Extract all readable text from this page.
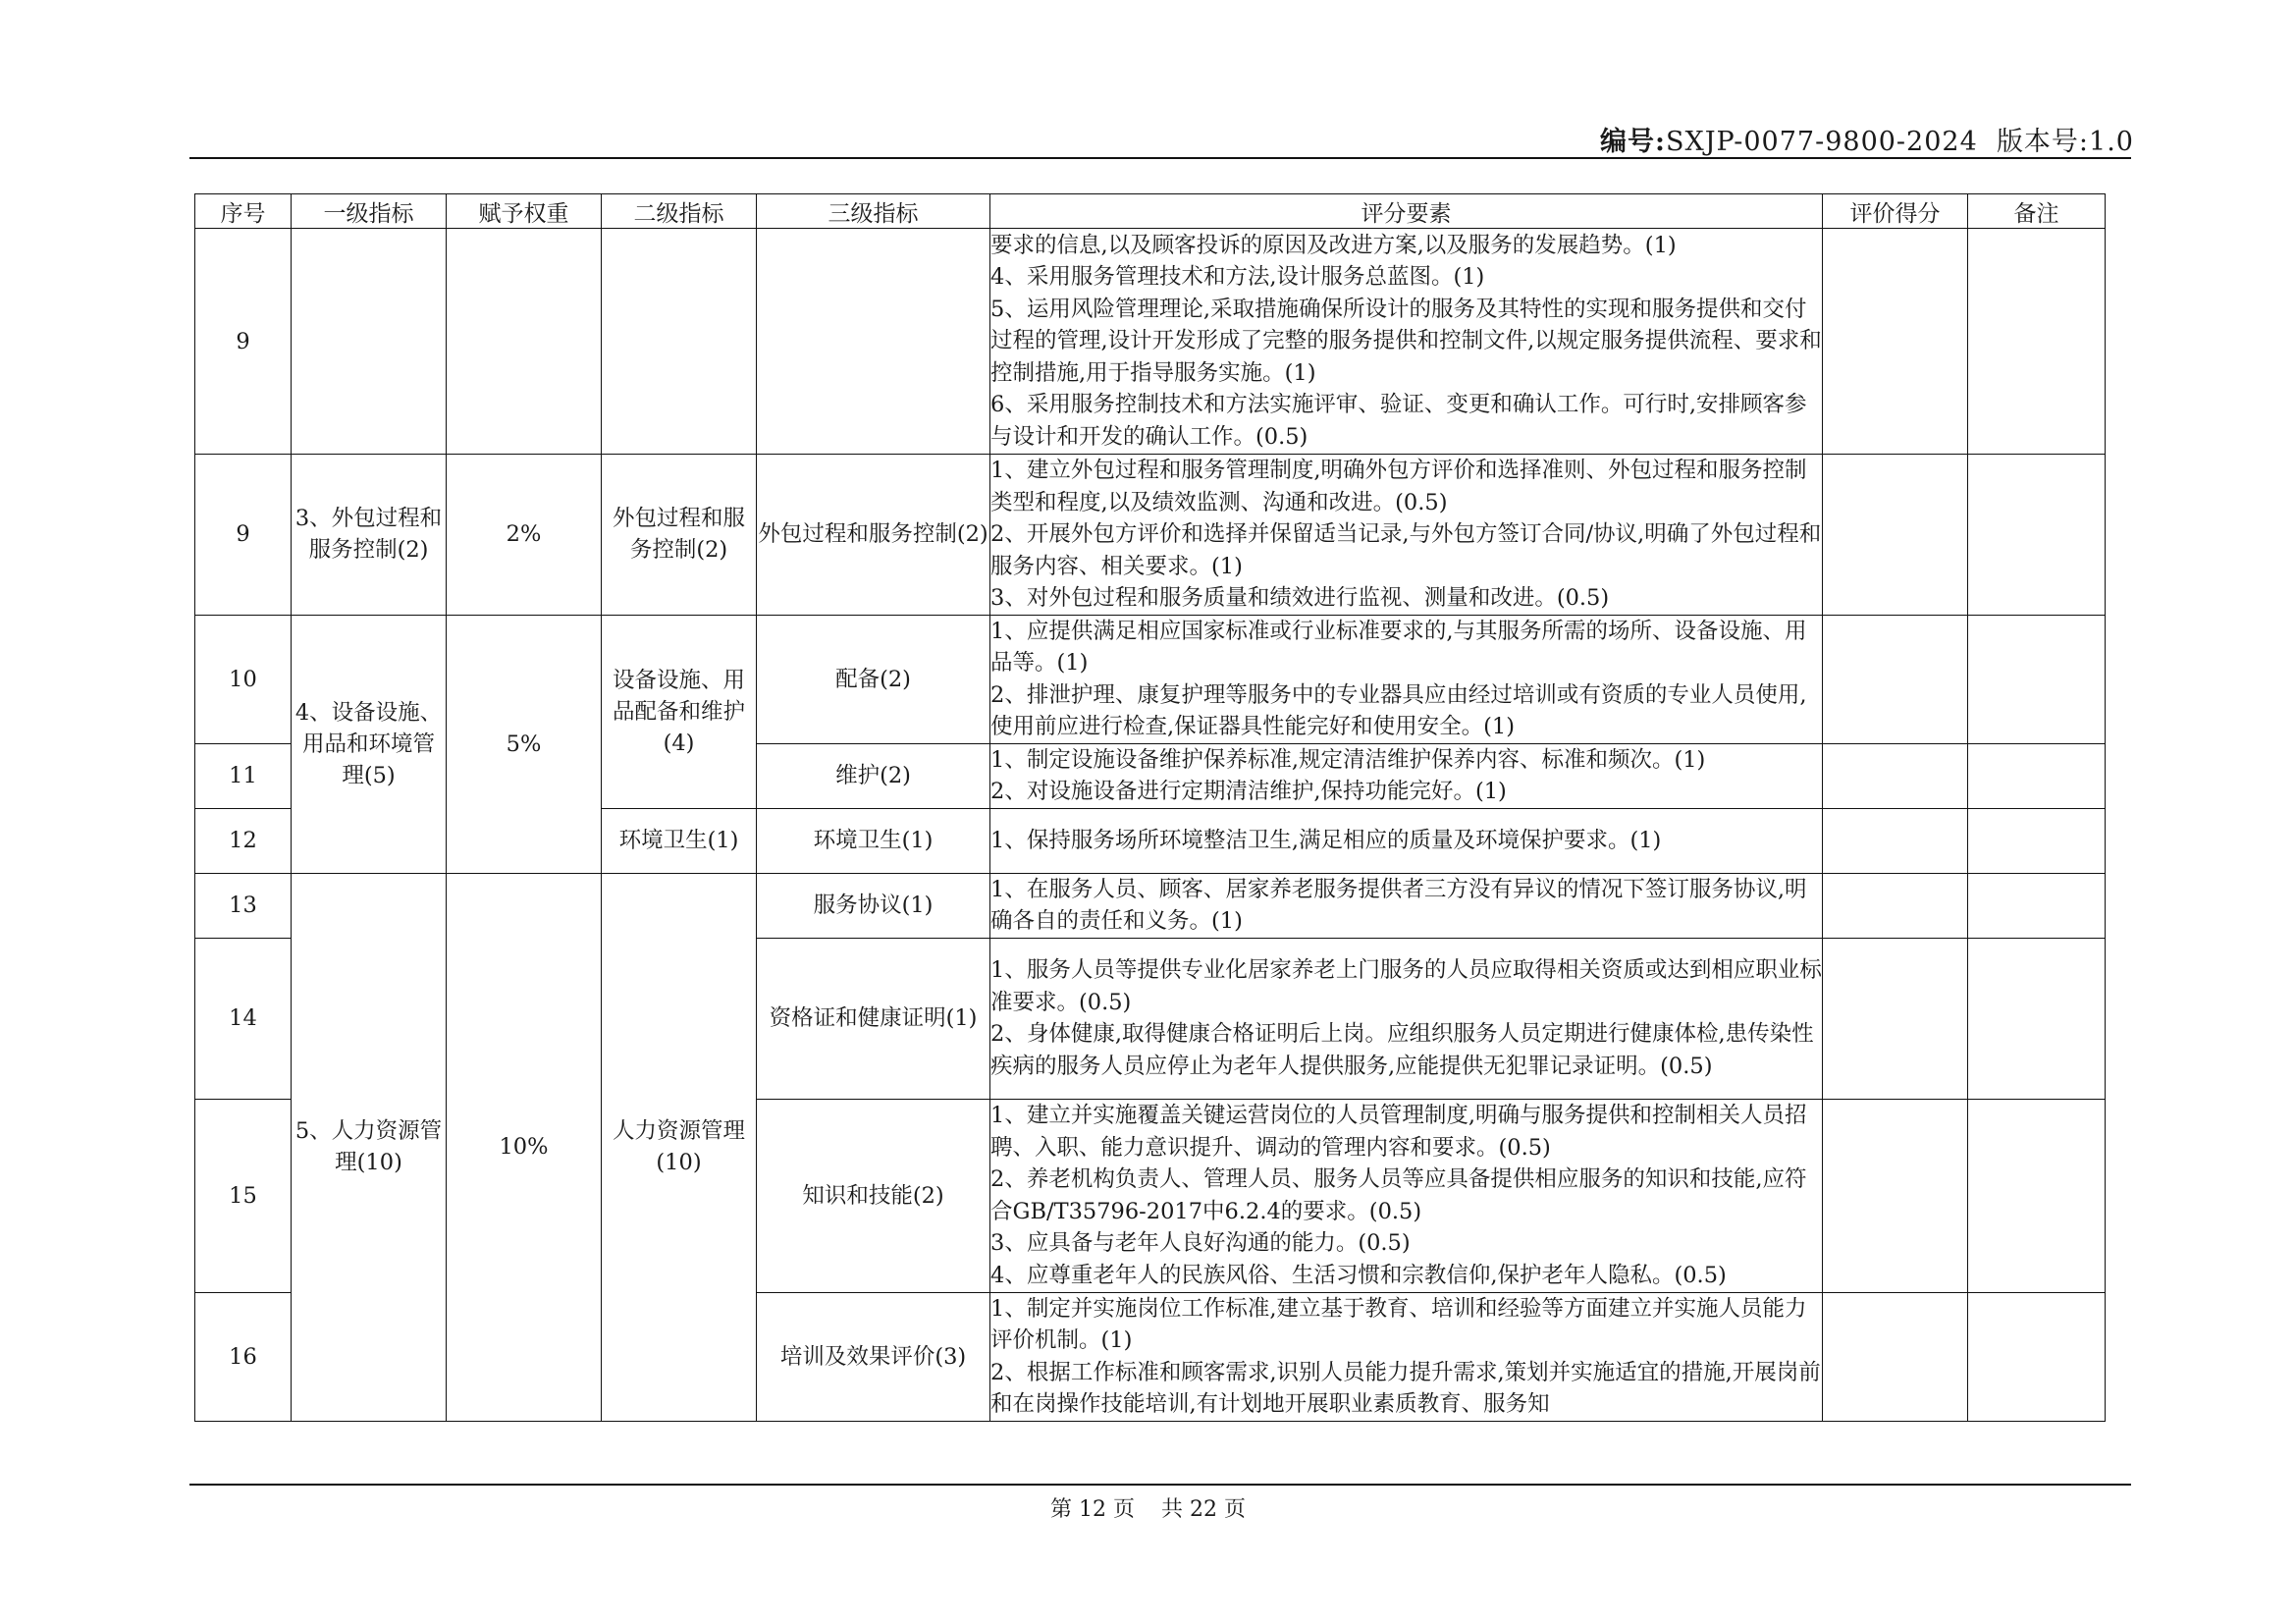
编号:SXJP-0077-9800-2024 版本号:1.0
序号	一级指标	赋予权重	二级指标	三级指标	评分要素	评价得分	备注
9					要求的信息,以及顾客投诉的原因及改进方案,以及服务的发展趋势。(1)
4、采用服务管理技术和方法,设计服务总蓝图。(1)
5、运用风险管理理论,采取措施确保所设计的服务及其特性的实现和服务提供和交付过程的管理,设计开发形成了完整的服务提供和控制文件,以规定服务提供流程、要求和控制措施,用于指导服务实施。(1)
6、采用服务控制技术和方法实施评审、验证、变更和确认工作。可行时,安排顾客参与设计和开发的确认工作。(0.5)		

9	3、外包过程和服务控制(2)	2%	外包过程和服务控制(2)	外包过程和服务控制(2)	1、建立外包过程和服务管理制度,明确外包方评价和选择准则、外包过程和服务控制类型和程度,以及绩效监测、沟通和改进。(0.5)
2、开展外包方评价和选择并保留适当记录,与外包方签订合同/协议,明确了外包过程和服务内容、相关要求。(1)
3、对外包过程和服务质量和绩效进行监视、测量和改进。(0.5)		

10	4、设备设施、用品和环境管理(5)	5%	设备设施、用品配备和维护(4)	配备(2)	1、应提供满足相应国家标准或行业标准要求的,与其服务所需的场所、设备设施、用品等。(1)
2、排泄护理、康复护理等服务中的专业器具应由经过培训或有资质的专业人员使用,使用前应进行检查,保证器具性能完好和使用安全。(1)		

11				维护(2)	1、制定设施设备维护保养标准,规定清洁维护保养内容、标准和频次。(1)
2、对设施设备进行定期清洁维护,保持功能完好。(1)		

12			环境卫生(1)	环境卫生(1)	1、保持服务场所环境整洁卫生,满足相应的质量及环境保护要求。(1)		

13	5、人力资源管理(10)	10%	人力资源管理(10)	服务协议(1)	1、在服务人员、顾客、居家养老服务提供者三方没有异议的情况下签订服务协议,明确各自的责任和义务。(1)		

14				资格证和健康证明(1)	1、服务人员等提供专业化居家养老上门服务的人员应取得相关资质或达到相应职业标准要求。(0.5)
2、身体健康,取得健康合格证明后上岗。应组织服务人员定期进行健康体检,患传染性疾病的服务人员应停止为老年人提供服务,应能提供无犯罪记录证明。(0.5)		

15				知识和技能(2)	1、建立并实施覆盖关键运营岗位的人员管理制度,明确与服务提供和控制相关人员招聘、入职、能力意识提升、调动的管理内容和要求。(0.5)
2、养老机构负责人、管理人员、服务人员等应具备提供相应服务的知识和技能,应符合GB/T35796-2017中6.2.4的要求。(0.5)
3、应具备与老年人良好沟通的能力。(0.5)
4、应尊重老年人的民族风俗、生活习惯和宗教信仰,保护老年人隐私。(0.5)		

16				培训及效果评价(3)	1、制定并实施岗位工作标准,建立基于教育、培训和经验等方面建立并实施人员能力评价机制。(1)
2、根据工作标准和顾客需求,识别人员能力提升需求,策划并实施适宜的措施,开展岗前和在岗操作技能培训,有计划地开展职业素质教育、服务知		

第 12 页 共 22 页
